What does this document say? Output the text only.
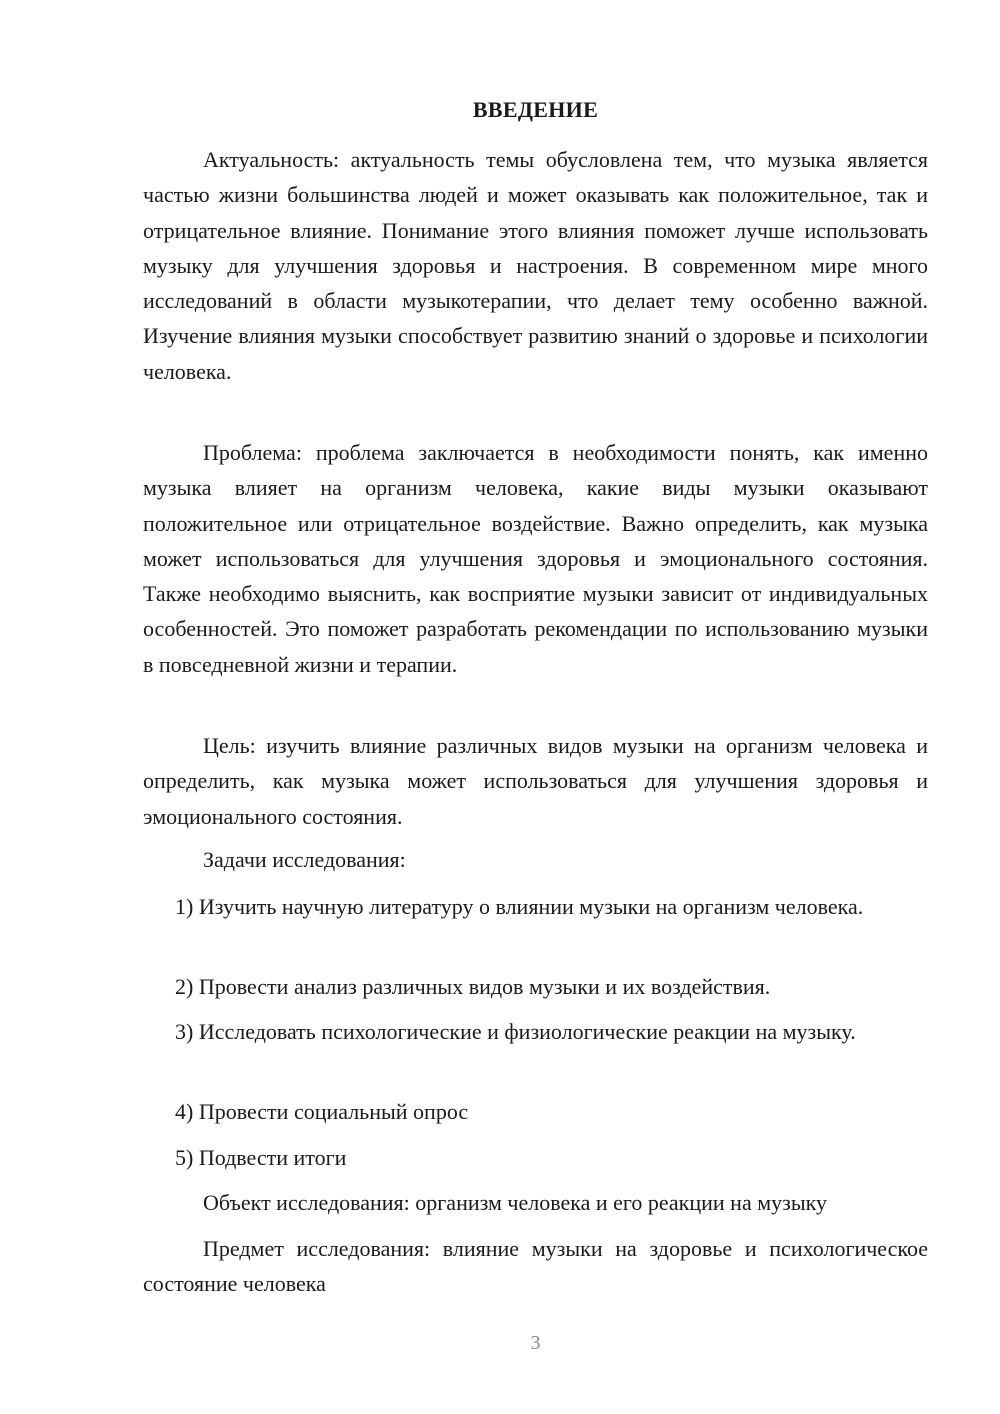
ВВЕДЕНИЕ

Актуальность: актуальность темы обусловлена тем, что музыка является частью жизни большинства людей и может оказывать как положительное, так и отрицательное влияние. Понимание этого влияния поможет лучше использовать музыку для улучшения здоровья и настроения. В современном мире много исследований в области музыкотерапии, что делает тему особенно важной. Изучение влияния музыки способствует развитию знаний о здоровье и психологии человека.

Проблема: проблема заключается в необходимости понять, как именно музыка влияет на организм человека, какие виды музыки оказывают положительное или отрицательное воздействие. Важно определить, как музыка может использоваться для улучшения здоровья и эмоционального состояния. Также необходимо выяснить, как восприятие музыки зависит от индивидуальных особенностей. Это поможет разработать рекомендации по использованию музыки в повседневной жизни и терапии.

Цель: изучить влияние различных видов музыки на организм человека и определить, как музыка может использоваться для улучшения здоровья и эмоционального состояния.

Задачи исследования:

1) Изучить научную литературу о влиянии музыки на организм человека.

2) Провести анализ различных видов музыки и их воздействия.

3) Исследовать психологические и физиологические реакции на музыку.

4) Провести социальный опрос

5) Подвести итоги

Объект исследования: организм человека и его реакции на музыку

Предмет исследования: влияние музыки на здоровье и психологическое состояние человека

3
